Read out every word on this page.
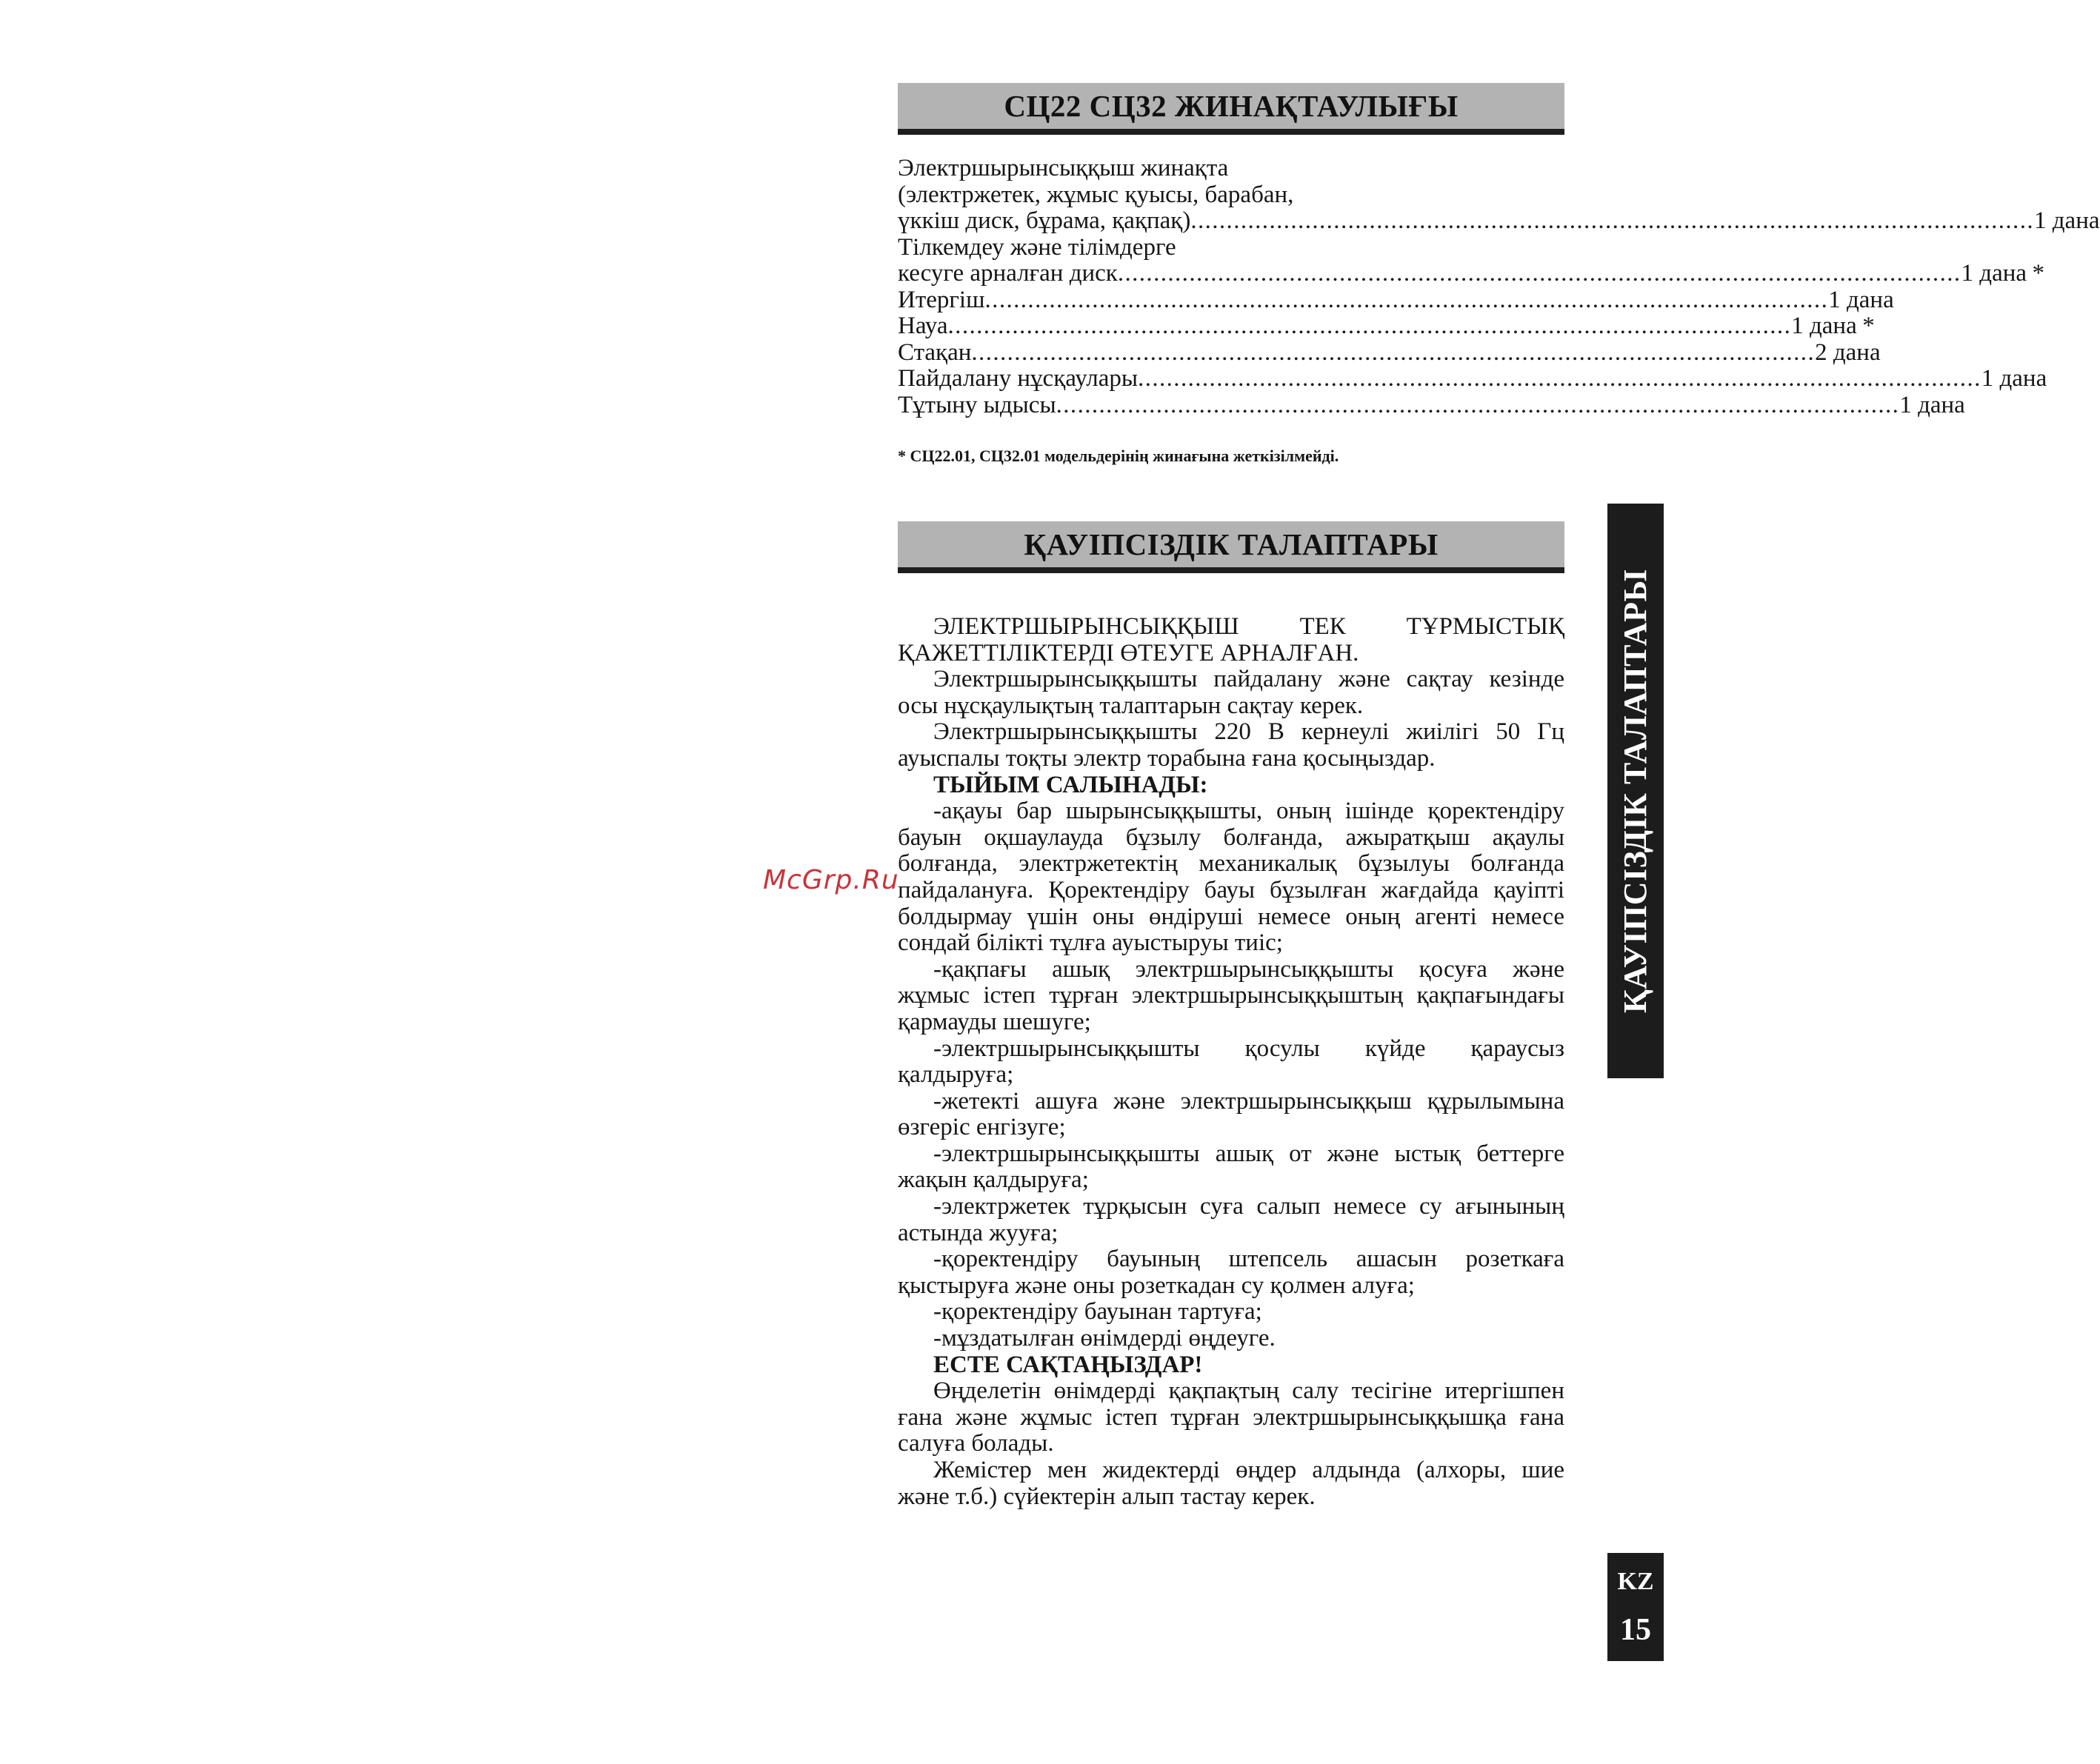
СЦ22 СЦ32 ЖИНАҚТАУЛЫҒЫ
Электршырынсыққыш жинақта
(электржетек, жұмыс қуысы, барабан,
үккіш диск, бұрама, қақпақ) ...................................................................................................................... 1 дана
Тілкемдеу және тілімдерге
кесуге арналған диск ...................................................................................................................... 1 дана *
Итергіш ...................................................................................................................... 1 дана
Науа ...................................................................................................................... 1 дана *
Стақан ...................................................................................................................... 2 дана
Пайдалану нұсқаулары ...................................................................................................................... 1 дана
Тұтыну ыдысы ...................................................................................................................... 1 дана
* СЦ22.01, СЦ32.01 модельдерінің жинағына жеткізілмейді.
ҚАУІПСІЗДІК ТАЛАПТАРЫ

ЭЛЕКТРШЫРЫНСЫҚҚЫШ ТЕК ТҰРМЫСТЫҚ ҚАЖЕТТІЛІКТЕРДІ ӨТЕУГЕ АРНАЛҒАН.

Электршырынсыққышты пайдалану және сақтау кезінде осы нұсқаулықтың талаптарын сақтау керек.

Электршырынсыққышты 220 В кернеулі жиілігі 50 Гц ауыспалы тоқты электр торабына ғана қосыңыздар.

ТЫЙЫМ САЛЫНАДЫ:

-ақауы бар шырынсыққышты, оның ішінде қоректендіру бауын оқшаулауда бұзылу болғанда, ажыратқыш ақаулы болғанда, электржетектің механикалық бұзылуы болғанда пайдалануға. Қоректендіру бауы бұзылған жағдайда қауіпті болдырмау үшін оны өндіруші немесе оның агенті немесе сондай білікті тұлға ауыстыруы тиіс;

-қақпағы ашық электршырынсыққышты қосуға және жұмыс істеп тұрған электршырынсыққыштың қақпағындағы қармауды шешуге;

-электршырынсыққышты қосулы күйде қараусыз қалдыруға;

-жетекті ашуға және электршырынсыққыш құрылымына өзгеріс енгізуге;

-электршырынсыққышты ашық от және ыстық беттерге жақын қалдыруға;

-электржетек тұрқысын суға салып немесе су ағынының астында жууға;

-қоректендіру бауының штепсель ашасын розеткаға қыстыруға және оны розеткадан су қолмен алуға;

-қоректендіру бауынан тартуға;

-мұздатылған өнімдерді өңдеуге.

ЕСТЕ САҚТАҢЫЗДАР!

Өңделетін өнімдерді қақпақтың салу тесігіне итергішпен ғана және жұмыс істеп тұрған электршырынсыққышқа ғана салуға болады.

Жемістер мен жидектерді өңдер алдында (алхоры, шие және т.б.) сүйектерін алып тастау керек.

ҚАУІПСІЗДІК ТАЛАПТАРЫ
KZ
15
McGrp.Ru
